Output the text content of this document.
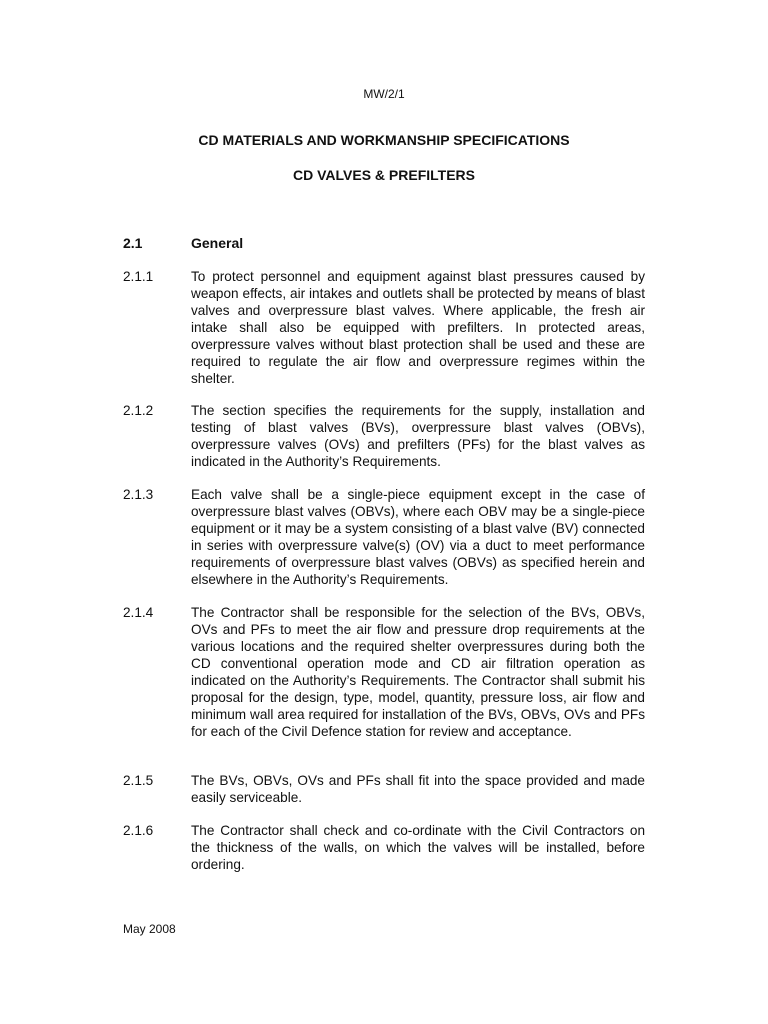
MW/2/1
CD MATERIALS AND WORKMANSHIP SPECIFICATIONS
CD VALVES & PREFILTERS
2.1	General
2.1.1	To protect personnel and equipment against blast pressures caused by weapon effects, air intakes and outlets shall be protected by means of blast valves and overpressure blast valves. Where applicable, the fresh air intake shall also be equipped with prefilters. In protected areas, overpressure valves without blast protection shall be used and these are required to regulate the air flow and overpressure regimes within the shelter.
2.1.2	The section specifies the requirements for the supply, installation and testing of blast valves (BVs), overpressure blast valves (OBVs), overpressure valves (OVs) and prefilters (PFs) for the blast valves as indicated in the Authority’s Requirements.
2.1.3	Each valve shall be a single-piece equipment except in the case of overpressure blast valves (OBVs), where each OBV may be a single-piece equipment or it may be a system consisting of a blast valve (BV) connected in series with overpressure valve(s) (OV) via a duct to meet performance requirements of overpressure blast valves (OBVs) as specified herein and elsewhere in the Authority’s Requirements.
2.1.4	The Contractor shall be responsible for the selection of the BVs, OBVs, OVs and PFs to meet the air flow and pressure drop requirements at the various locations and the required shelter overpressures during both the CD conventional operation mode and CD air filtration operation as indicated on the Authority’s Requirements. The Contractor shall submit his proposal for the design, type, model, quantity, pressure loss, air flow and minimum wall area required for installation of the BVs, OBVs, OVs and PFs for each of the Civil Defence station for review and acceptance.
2.1.5	The BVs, OBVs, OVs and PFs shall fit into the space provided and made easily serviceable.
2.1.6	The Contractor shall check and co-ordinate with the Civil Contractors on the thickness of the walls, on which the valves will be installed, before ordering.
May 2008
